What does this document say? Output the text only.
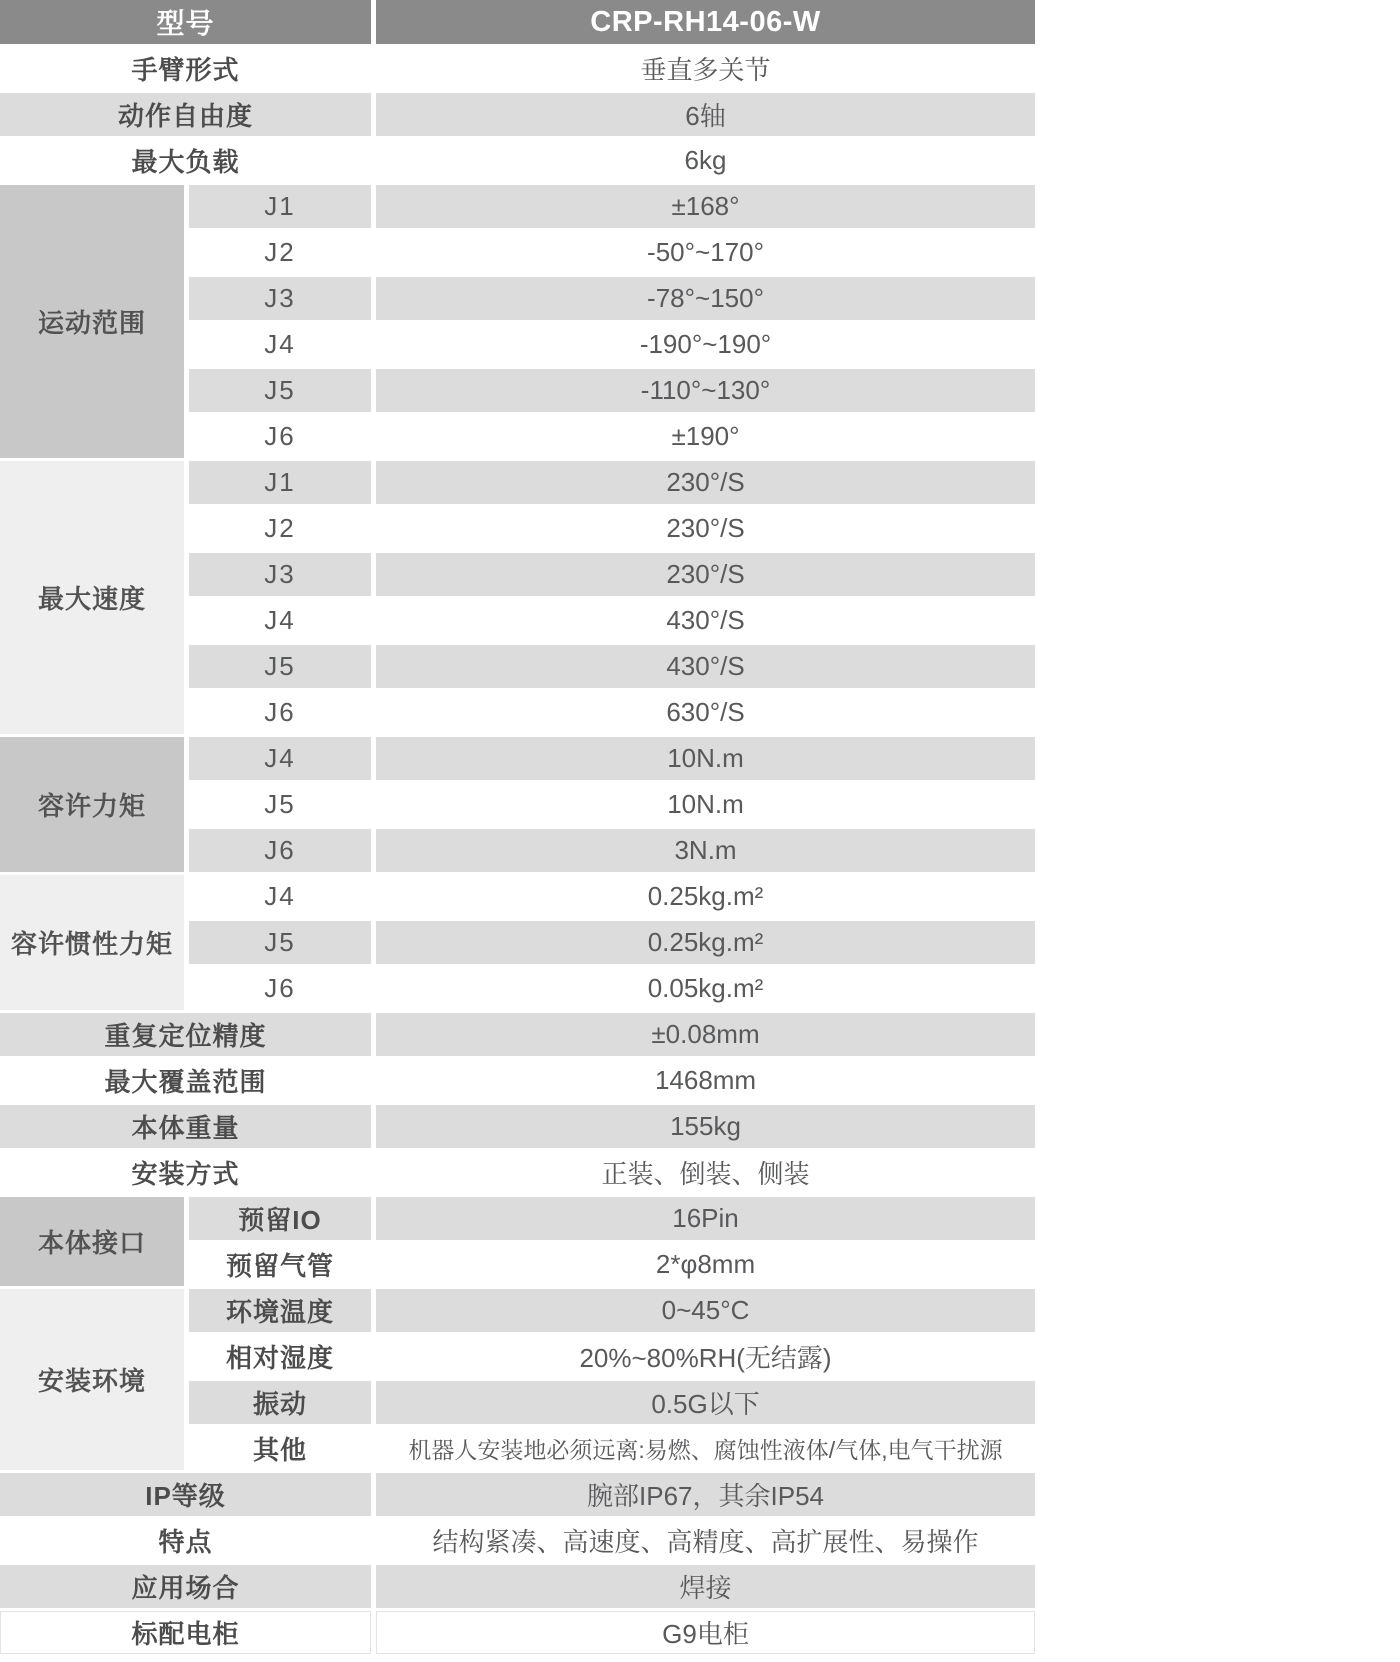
型号		CRP-RH14-06-W
手臂形式		垂直多关节
动作自由度		6轴
最大负载		6kg
运动范围	J1	±168°
	J2	-50°~170°
	J3	-78°~150°
	J4	-190°~190°
	J5	-110°~130°
	J6	±190°
最大速度	J1	230°/S
	J2	230°/S
	J3	230°/S
	J4	430°/S
	J5	430°/S
	J6	630°/S
容许力矩	J4	10N.m
	J5	10N.m
	J6	3N.m
容许惯性力矩	J4	0.25kg.m²
	J5	0.25kg.m²
	J6	0.05kg.m²
重复定位精度		±0.08mm
最大覆盖范围		1468mm
本体重量		155kg
安装方式		正装、倒装、侧装
本体接口	预留IO	16Pin
	预留气管	2*φ8mm
安装环境	环境温度	0~45°C
	相对湿度	20%~80%RH(无结露)
	振动	0.5G以下
	其他	机器人安装地必须远离:易燃、腐蚀性液体/气体,电气干扰源
IP等级		腕部IP67，其余IP54
特点		结构紧凑、高速度、高精度、高扩展性、易操作
应用场合		焊接
标配电柜		G9电柜
